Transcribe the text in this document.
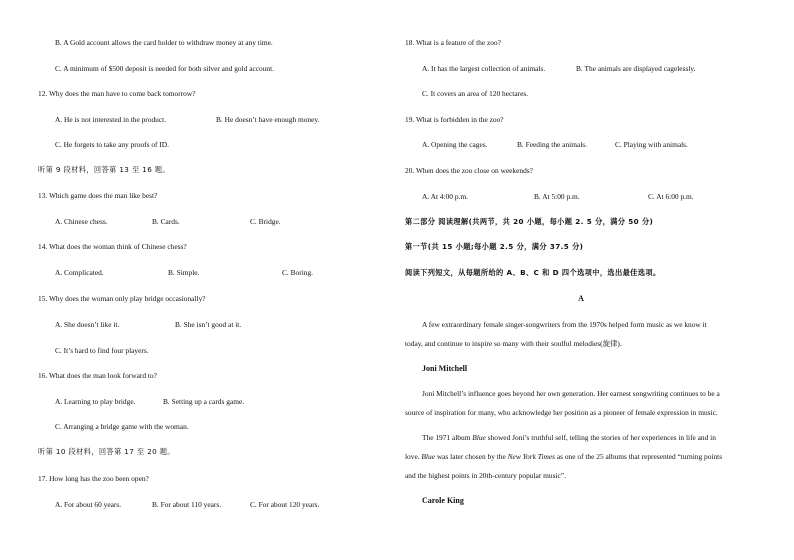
B. A Gold account allows the card holder to withdraw money at any time.
C. A minimum of $500 deposit is needed for both silver and gold account.
12. Why does the man have to come back tomorrow?
A. He is not interested in the product.	B. He doesn’t have enough money.
C. He forgets to take any proofs of ID.
听第 9 段材料，回答第 13 至 16 题。
13. Which game does the man like best?
A. Chinese chess.	B. Cards.	C. Bridge.
14. What does the woman think of Chinese chess?
A. Complicated.	B. Simple.	C. Boring.
15. Why does the woman only play bridge occasionally?
A. She doesn’t like it.	B. She isn’t good at it.
C. It’s hard to find four players.
16. What does the man look forward to?
A. Learning to play bridge.	B. Setting up a cards game.
C. Arranging a bridge game with the woman.
听第 10 段材料，回答第 17 至 20 题。
17. How long has the zoo been open?
A. For about 60 years.	B. For about 110 years.	C. For about 120 years.
18. What is a feature of the zoo?
A. It has the largest collection of animals.	B. The animals are displayed cagelessly.
C. It covers an area of 120 hectares.
19. What is forbidden in the zoo?
A. Opening the cages.	B. Feeding the animals.	C. Playing with animals.
20. When does the zoo close on weekends?
A. At 4:00 p.m.	B. At 5:00 p.m.	C. At 6:00 p.m.
第二部分 阅读理解(共两节，共 20 小题，每小题 2. 5 分，满分 50 分)
第一节(共 15 小题;每小题 2.5 分，满分 37.5 分)
阅读下列短文，从每题所给的 A、B、C 和 D 四个选项中，选出最佳选项。
A
A few extraordinary female singer-songwriters from the 1970s helped form music as we know it
today, and continue to inspire so many with their soulful melodies(旋律).
Joni Mitchell
Joni Mitchell’s influence goes beyond her own generation. Her earnest songwriting continues to be a
source of inspiration for many, who acknowledge her position as a pioneer of female expression in music.
The 1971 album Blue showed Joni’s truthful self, telling the stories of her experiences in life and in
love. Blue was later chosen by the New York Times as one of the 25 albums that represented “turning points
and the highest points in 20th-century popular music”.
Carole King
